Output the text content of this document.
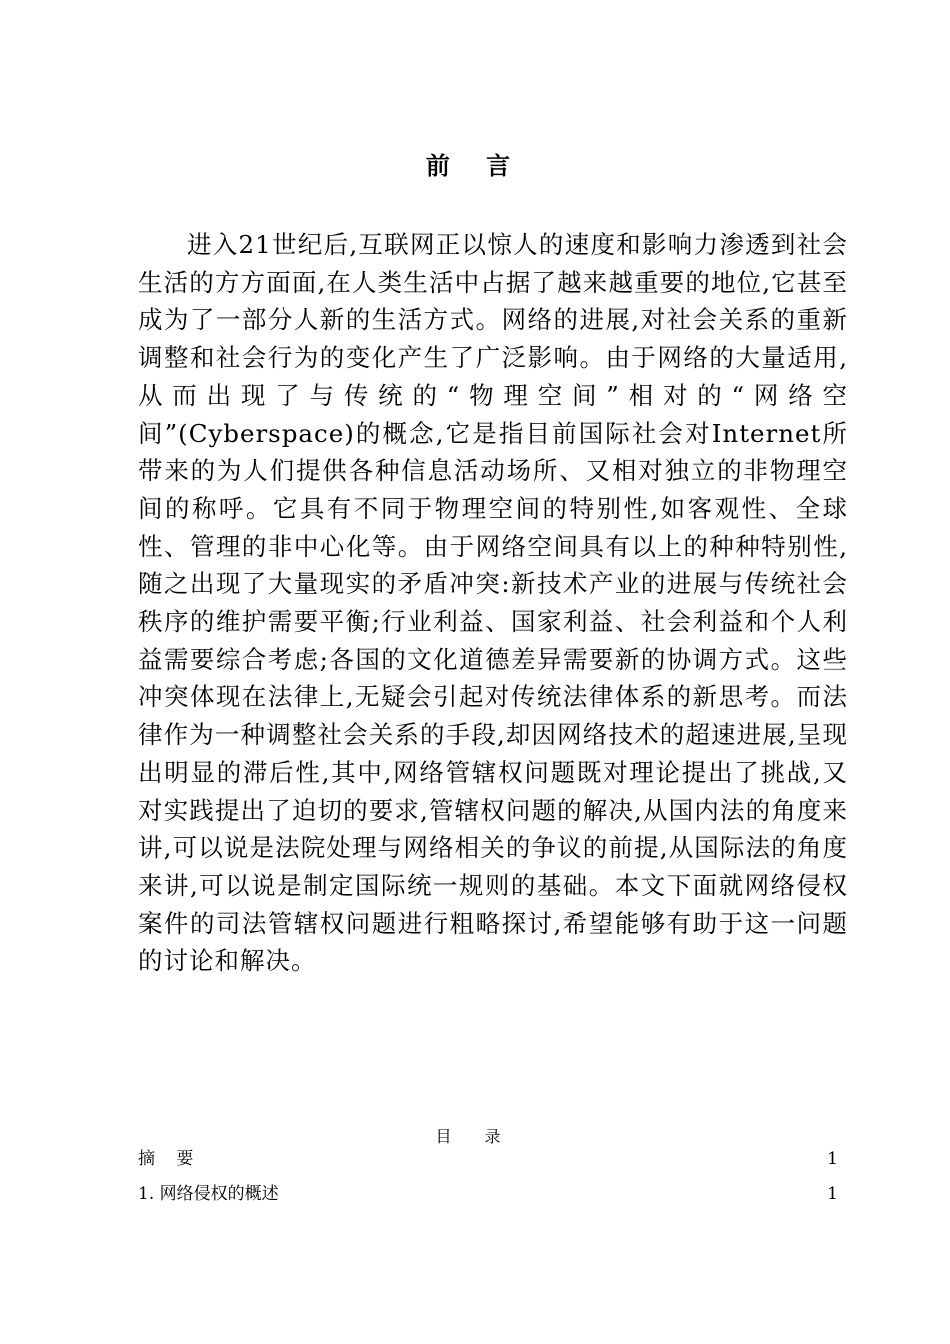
前 言

进入21世纪后,互联网正以惊人的速度和影响力渗透到社会生活的方方面面,在人类生活中占据了越来越重要的地位,它甚至成为了一部分人新的生活方式。网络的进展,对社会关系的重新调整和社会行为的变化产生了广泛影响。由于网络的大量适用,从而出现了与传统的“物理空间”相对的“网络空间”(Cyberspace)的概念,它是指目前国际社会对Internet所带来的为人们提供各种信息活动场所、又相对独立的非物理空间的称呼。它具有不同于物理空间的特别性,如客观性、全球性、管理的非中心化等。由于网络空间具有以上的种种特别性,随之出现了大量现实的矛盾冲突:新技术产业的进展与传统社会秩序的维护需要平衡;行业利益、国家利益、社会利益和个人利益需要综合考虑;各国的文化道德差异需要新的协调方式。这些冲突体现在法律上,无疑会引起对传统法律体系的新思考。而法律作为一种调整社会关系的手段,却因网络技术的超速进展,呈现出明显的滞后性,其中,网络管辖权问题既对理论提出了挑战,又对实践提出了迫切的要求,管辖权问题的解决,从国内法的角度来讲,可以说是法院处理与网络相关的争议的前提,从国际法的角度来讲,可以说是制定国际统一规则的基础。本文下面就网络侵权案件的司法管辖权问题进行粗略探讨,希望能够有助于这一问题的讨论和解决。

目 录
摘 要	1
1. 网络侵权的概述	1
